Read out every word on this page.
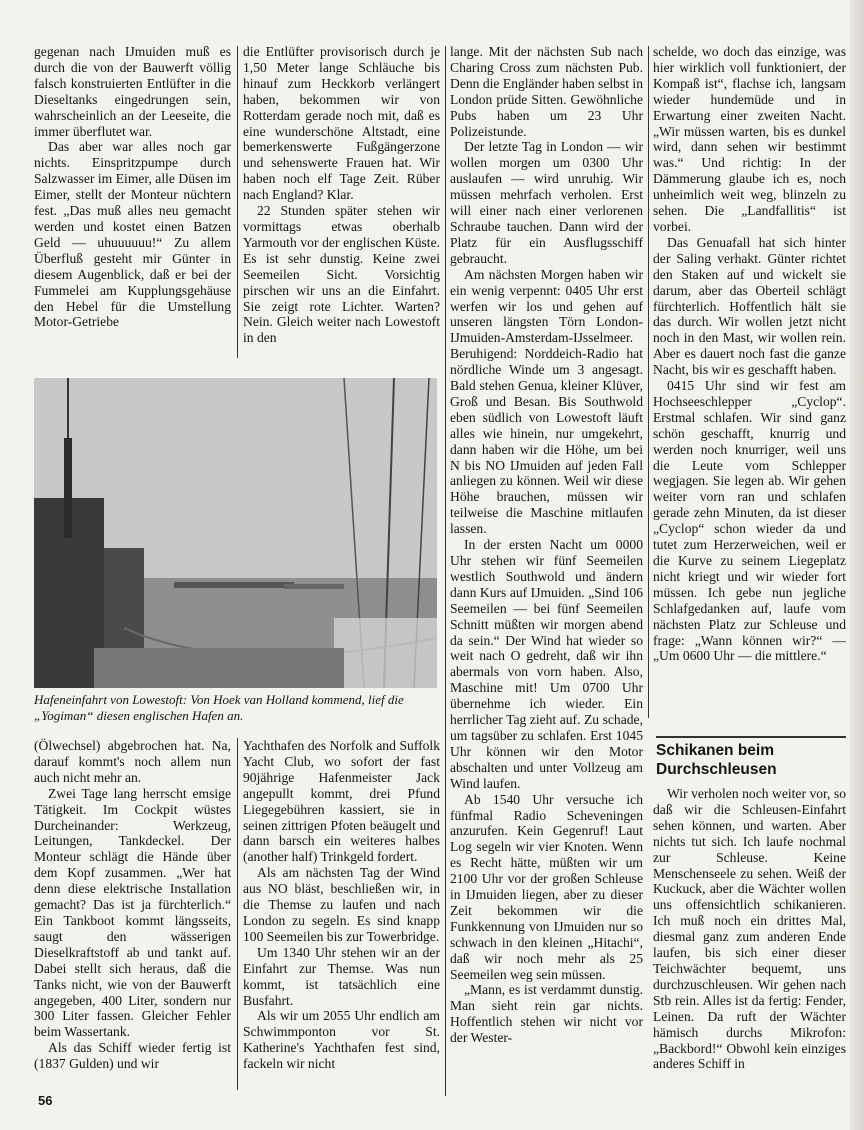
gegenan nach IJmuiden muß es durch die von der Bauwerft völlig falsch konstruierten Entlüfter in die Dieseltanks eingedrungen sein, wahrscheinlich an der Leeseite, die immer überflutet war.

Das aber war alles noch gar nichts. Einspritzpumpe durch Salzwasser im Eimer, alle Düsen im Eimer, stellt der Monteur nüchtern fest. „Das muß alles neu gemacht werden und kostet einen Batzen Geld — uhuuuuuu!“ Zu allem Überfluß gesteht mir Günter in diesem Augenblick, daß er bei der Fummelei am Kupplungsgehäuse den Hebel für die Umstellung Motor-Getriebe

die Entlüfter provisorisch durch je 1,50 Meter lange Schläuche bis hinauf zum Heckkorb verlängert haben, bekommen wir von Rotterdam gerade noch mit, daß es eine wunderschöne Altstadt, eine bemerkenswerte Fußgängerzone und sehenswerte Frauen hat. Wir haben noch elf Tage Zeit. Rüber nach England? Klar.

22 Stunden später stehen wir vormittags etwas oberhalb Yarmouth vor der englischen Küste. Es ist sehr dunstig. Keine zwei Seemeilen Sicht. Vorsichtig pirschen wir uns an die Einfahrt. Sie zeigt rote Lichter. Warten? Nein. Gleich weiter nach Lowestoft in den

lange. Mit der nächsten Sub nach Charing Cross zum nächsten Pub. Denn die Engländer haben selbst in London prüde Sitten. Gewöhnliche Pubs haben um 23 Uhr Polizeistunde.

Der letzte Tag in London — wir wollen morgen um 0300 Uhr auslaufen — wird unruhig. Wir müssen mehrfach verholen. Erst will einer nach einer verlorenen Schraube tauchen. Dann wird der Platz für ein Ausflugsschiff gebraucht.

Am nächsten Morgen haben wir ein wenig verpennt: 0405 Uhr erst werfen wir los und gehen auf unseren längsten Törn London-IJmuiden-Amsterdam-IJsselmeer. Beruhigend: Norddeich-Radio hat nördliche Winde um 3 angesagt. Bald stehen Genua, kleiner Klüver, Groß und Besan. Bis Southwold eben südlich von Lowestoft läuft alles wie hinein, nur umgekehrt, dann haben wir die Höhe, um bei N bis NO IJmuiden auf jeden Fall anliegen zu können. Weil wir diese Höhe brauchen, müssen wir teilweise die Maschine mitlaufen lassen.

In der ersten Nacht um 0000 Uhr stehen wir fünf Seemeilen westlich Southwold und ändern dann Kurs auf IJmuiden. „Sind 106 Seemeilen — bei fünf Seemeilen Schnitt müßten wir morgen abend da sein.“ Der Wind hat wieder so weit nach O gedreht, daß wir ihn abermals von vorn haben. Also, Maschine mit! Um 0700 Uhr übernehme ich wieder. Ein herrlicher Tag zieht auf. Zu schade, um tagsüber zu schlafen. Erst 1045 Uhr können wir den Motor abschalten und unter Vollzeug am Wind laufen.

Ab 1540 Uhr versuche ich fünfmal Radio Scheveningen anzurufen. Kein Gegenruf! Laut Log segeln wir vier Knoten. Wenn es Recht hätte, müßten wir um 2100 Uhr vor der großen Schleuse in IJmuiden liegen, aber zu dieser Zeit bekommen wir die Funkkennung von IJmuiden nur so schwach in den kleinen „Hitachi“, daß wir noch mehr als 25 Seemeilen weg sein müssen.

„Mann, es ist verdammt dunstig. Man sieht rein gar nichts. Hoffentlich stehen wir nicht vor der Wester-

schelde, wo doch das einzige, was hier wirklich voll funktioniert, der Kompaß ist“, flachse ich, langsam wieder hundemüde und in Erwartung einer zweiten Nacht. „Wir müssen warten, bis es dunkel wird, dann sehen wir bestimmt was.“ Und richtig: In der Dämmerung glaube ich es, noch unheimlich weit weg, blinzeln zu sehen. Die „Landfallitis“ ist vorbei.

Das Genuafall hat sich hinter der Saling verhakt. Günter richtet den Staken auf und wickelt sie darum, aber das Oberteil schlägt fürchterlich. Hoffentlich hält sie das durch. Wir wollen jetzt nicht noch in den Mast, wir wollen rein. Aber es dauert noch fast die ganze Nacht, bis wir es geschafft haben.

0415 Uhr sind wir fest am Hochseeschlepper „Cyclop“. Erstmal schlafen. Wir sind ganz schön geschafft, knurrig und werden noch knurriger, weil uns die Leute vom Schlepper wegjagen. Sie legen ab. Wir gehen weiter vorn ran und schlafen gerade zehn Minuten, da ist dieser „Cyclop“ schon wieder da und tutet zum Herzerweichen, weil er die Kurve zu seinem Liegeplatz nicht kriegt und wir wieder fort müssen. Ich gebe nun jegliche Schlafgedanken auf, laufe vom nächsten Platz zur Schleuse und frage: „Wann können wir?“ — „Um 0600 Uhr — die mittlere.“

Hafeneinfahrt von Lowestoft: Von Hoek van Holland kommend, lief die „Yogiman“ diesen englischen Hafen an.

(Ölwechsel) abgebrochen hat. Na, darauf kommt's noch allem nun auch nicht mehr an.

Zwei Tage lang herrscht emsige Tätigkeit. Im Cockpit wüstes Durcheinander: Werkzeug, Leitungen, Tankdeckel. Der Monteur schlägt die Hände über dem Kopf zusammen. „Wer hat denn diese elektrische Installation gemacht? Das ist ja fürchterlich.“ Ein Tankboot kommt längsseits, saugt den wässerigen Dieselkraftstoff ab und tankt auf. Dabei stellt sich heraus, daß die Tanks nicht, wie von der Bauwerft angegeben, 400 Liter, sondern nur 300 Liter fassen. Gleicher Fehler beim Wassertank.

Als das Schiff wieder fertig ist (1837 Gulden) und wir

Yachthafen des Norfolk and Suffolk Yacht Club, wo sofort der fast 90jährige Hafenmeister Jack angepullt kommt, drei Pfund Liegegebühren kassiert, sie in seinen zittrigen Pfoten beäugelt und dann barsch ein weiteres halbes (another half) Trinkgeld fordert.

Als am nächsten Tag der Wind aus NO bläst, beschließen wir, in die Themse zu laufen und nach London zu segeln. Es sind knapp 100 Seemeilen bis zur Towerbridge.

Um 1340 Uhr stehen wir an der Einfahrt zur Themse. Was nun kommt, ist tatsächlich eine Busfahrt.

Als wir um 2055 Uhr endlich am Schwimmponton vor St. Katherine's Yachthafen fest sind, fackeln wir nicht

Schikanen beim Durchschleusen

Wir verholen noch weiter vor, so daß wir die Schleusen-Einfahrt sehen können, und warten. Aber nichts tut sich. Ich laufe nochmal zur Schleuse. Keine Menschenseele zu sehen. Weiß der Kuckuck, aber die Wächter wollen uns offensichtlich schikanieren. Ich muß noch ein drittes Mal, diesmal ganz zum anderen Ende laufen, bis sich einer dieser Teichwächter bequemt, uns durchzuschleusen. Wir gehen nach Stb rein. Alles ist da fertig: Fender, Leinen. Da ruft der Wächter hämisch durchs Mikrofon: „Backbord!“ Obwohl kein einziges anderes Schiff in

56
